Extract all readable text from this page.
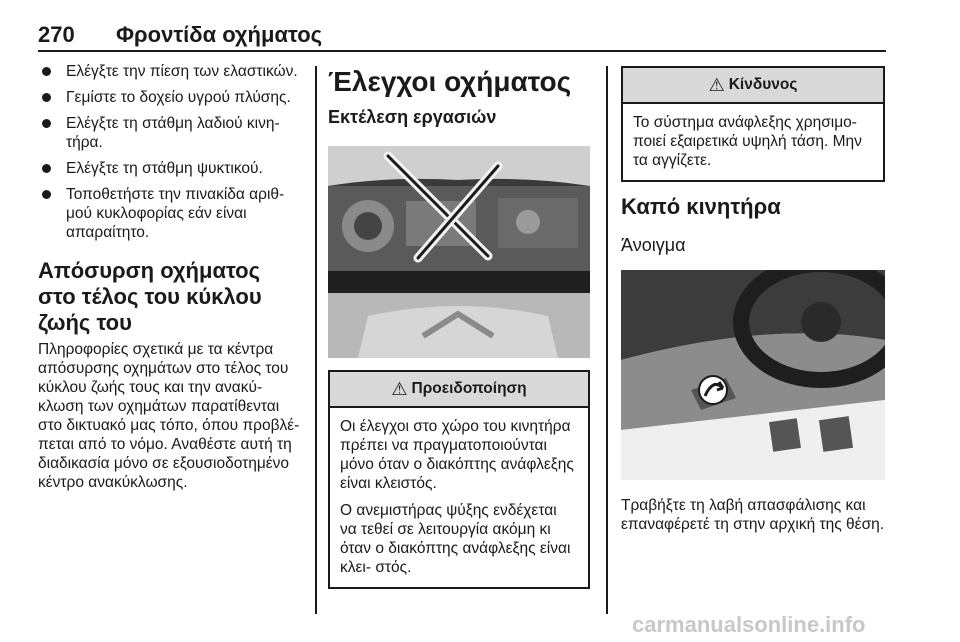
270	Φροντίδα οχήματος
Ελέγξτε την πίεση των ελαστικών.
Γεμίστε το δοχείο υγρού πλύσης.
Ελέγξτε τη στάθμη λαδιού κινη- τήρα.
Ελέγξτε τη στάθμη ψυκτικού.
Τοποθετήστε την πινακίδα αριθ- μού κυκλοφορίας εάν είναι απαραίτητο.
Απόσυρση οχήματος στο τέλος του κύκλου ζωής του

Πληροφορίες σχετικά με τα κέντρα απόσυρσης οχημάτων στο τέλος του κύκλου ζωής τους και την ανακύ- κλωση των οχημάτων παρατίθενται στο δικτυακό μας τόπο, όπου προβλέ- πεται από το νόμο. Αναθέστε αυτή τη διαδικασία μόνο σε εξουσιοδοτημένο κέντρο ανακύκλωσης.

Έλεγχοι οχήματος
Εκτέλεση εργασιών
⚠ Προειδοποίηση

Οι έλεγχοι στο χώρο του κινητήρα πρέπει να πραγματοποιούνται μόνο όταν ο διακόπτης ανάφλεξης είναι κλειστός.

Ο ανεμιστήρας ψύξης ενδέχεται να τεθεί σε λειτουργία ακόμη κι όταν ο διακόπτης ανάφλεξης είναι κλει- στός.

⚠ Κίνδυνος

Το σύστημα ανάφλεξης χρησιμο- ποιεί εξαιρετικά υψηλή τάση. Μην τα αγγίζετε.

Καπό κινητήρα
Άνοιγμα

Τραβήξτε τη λαβή απασφάλισης και επαναφέρετέ τη στην αρχική της θέση.

carmanualsonline.info
